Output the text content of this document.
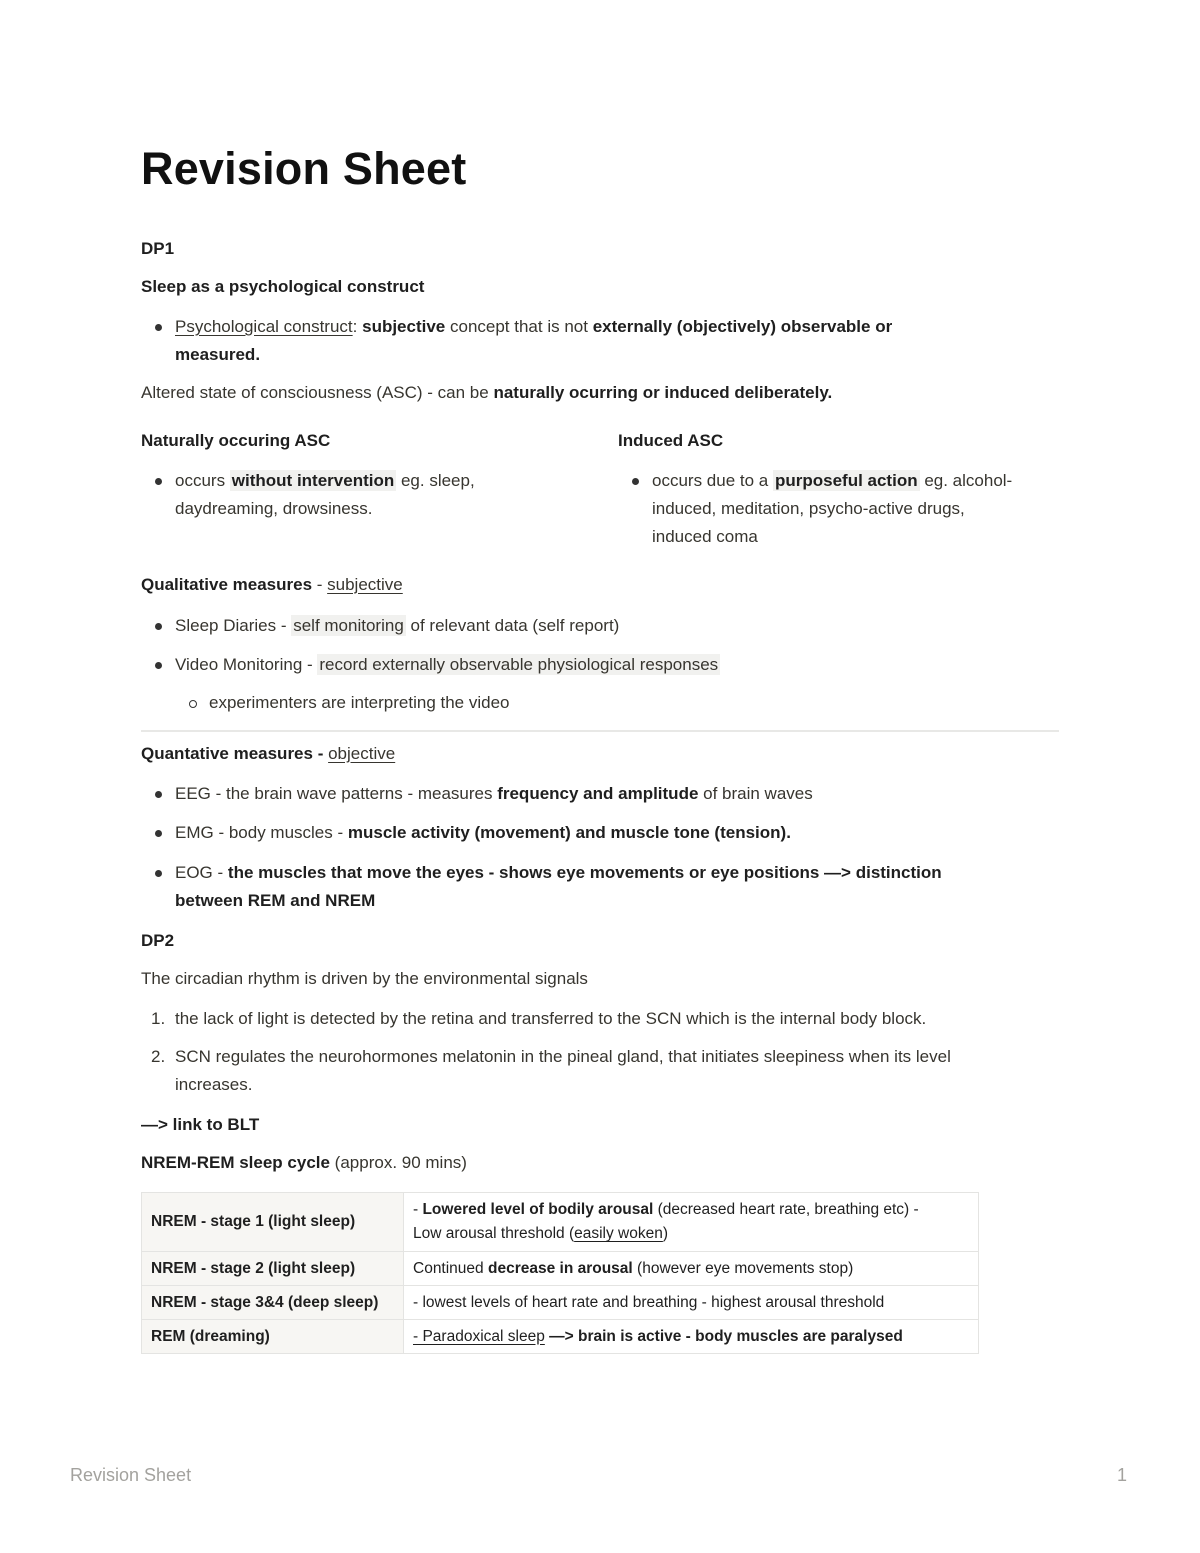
Revision Sheet
DP1
Sleep as a psychological construct
Psychological construct: subjective concept that is not externally (objectively) observable or
measured.
Altered state of consciousness (ASC) - can be naturally ocurring or induced deliberately.
Naturally occuring ASC
occurs without intervention eg. sleep,
daydreaming, drowsiness.
Induced ASC
occurs due to a purposeful action eg. alcohol-
induced, meditation, psycho-active drugs,
induced coma
Qualitative measures - subjective
Sleep Diaries - self monitoring of relevant data (self report)
Video Monitoring - record externally observable physiological responses
experimenters are interpreting the video
Quantative measures - objective
EEG - the brain wave patterns - measures frequency and amplitude of brain waves
EMG - body muscles - muscle activity (movement) and muscle tone (tension).
EOG - the muscles that move the eyes - shows eye movements or eye positions —> distinction
between REM and NREM
DP2
The circadian rhythm is driven by the environmental signals
1. the lack of light is detected by the retina and transferred to the SCN which is the internal body block.
2. SCN regulates the neurohormones melatonin in the pineal gland, that initiates sleepiness when its level
increases.
—> link to BLT
NREM-REM sleep cycle (approx. 90 mins)
NREM - stage 1 (light sleep)	- Lowered level of bodily arousal (decreased heart rate, breathing etc) -
Low arousal threshold (easily woken)
NREM - stage 2 (light sleep)	Continued decrease in arousal (however eye movements stop)
NREM - stage 3&4 (deep sleep)	- lowest levels of heart rate and breathing - highest arousal threshold
REM (dreaming)	- Paradoxical sleep —> brain is active - body muscles are paralysed
Revision Sheet	1
